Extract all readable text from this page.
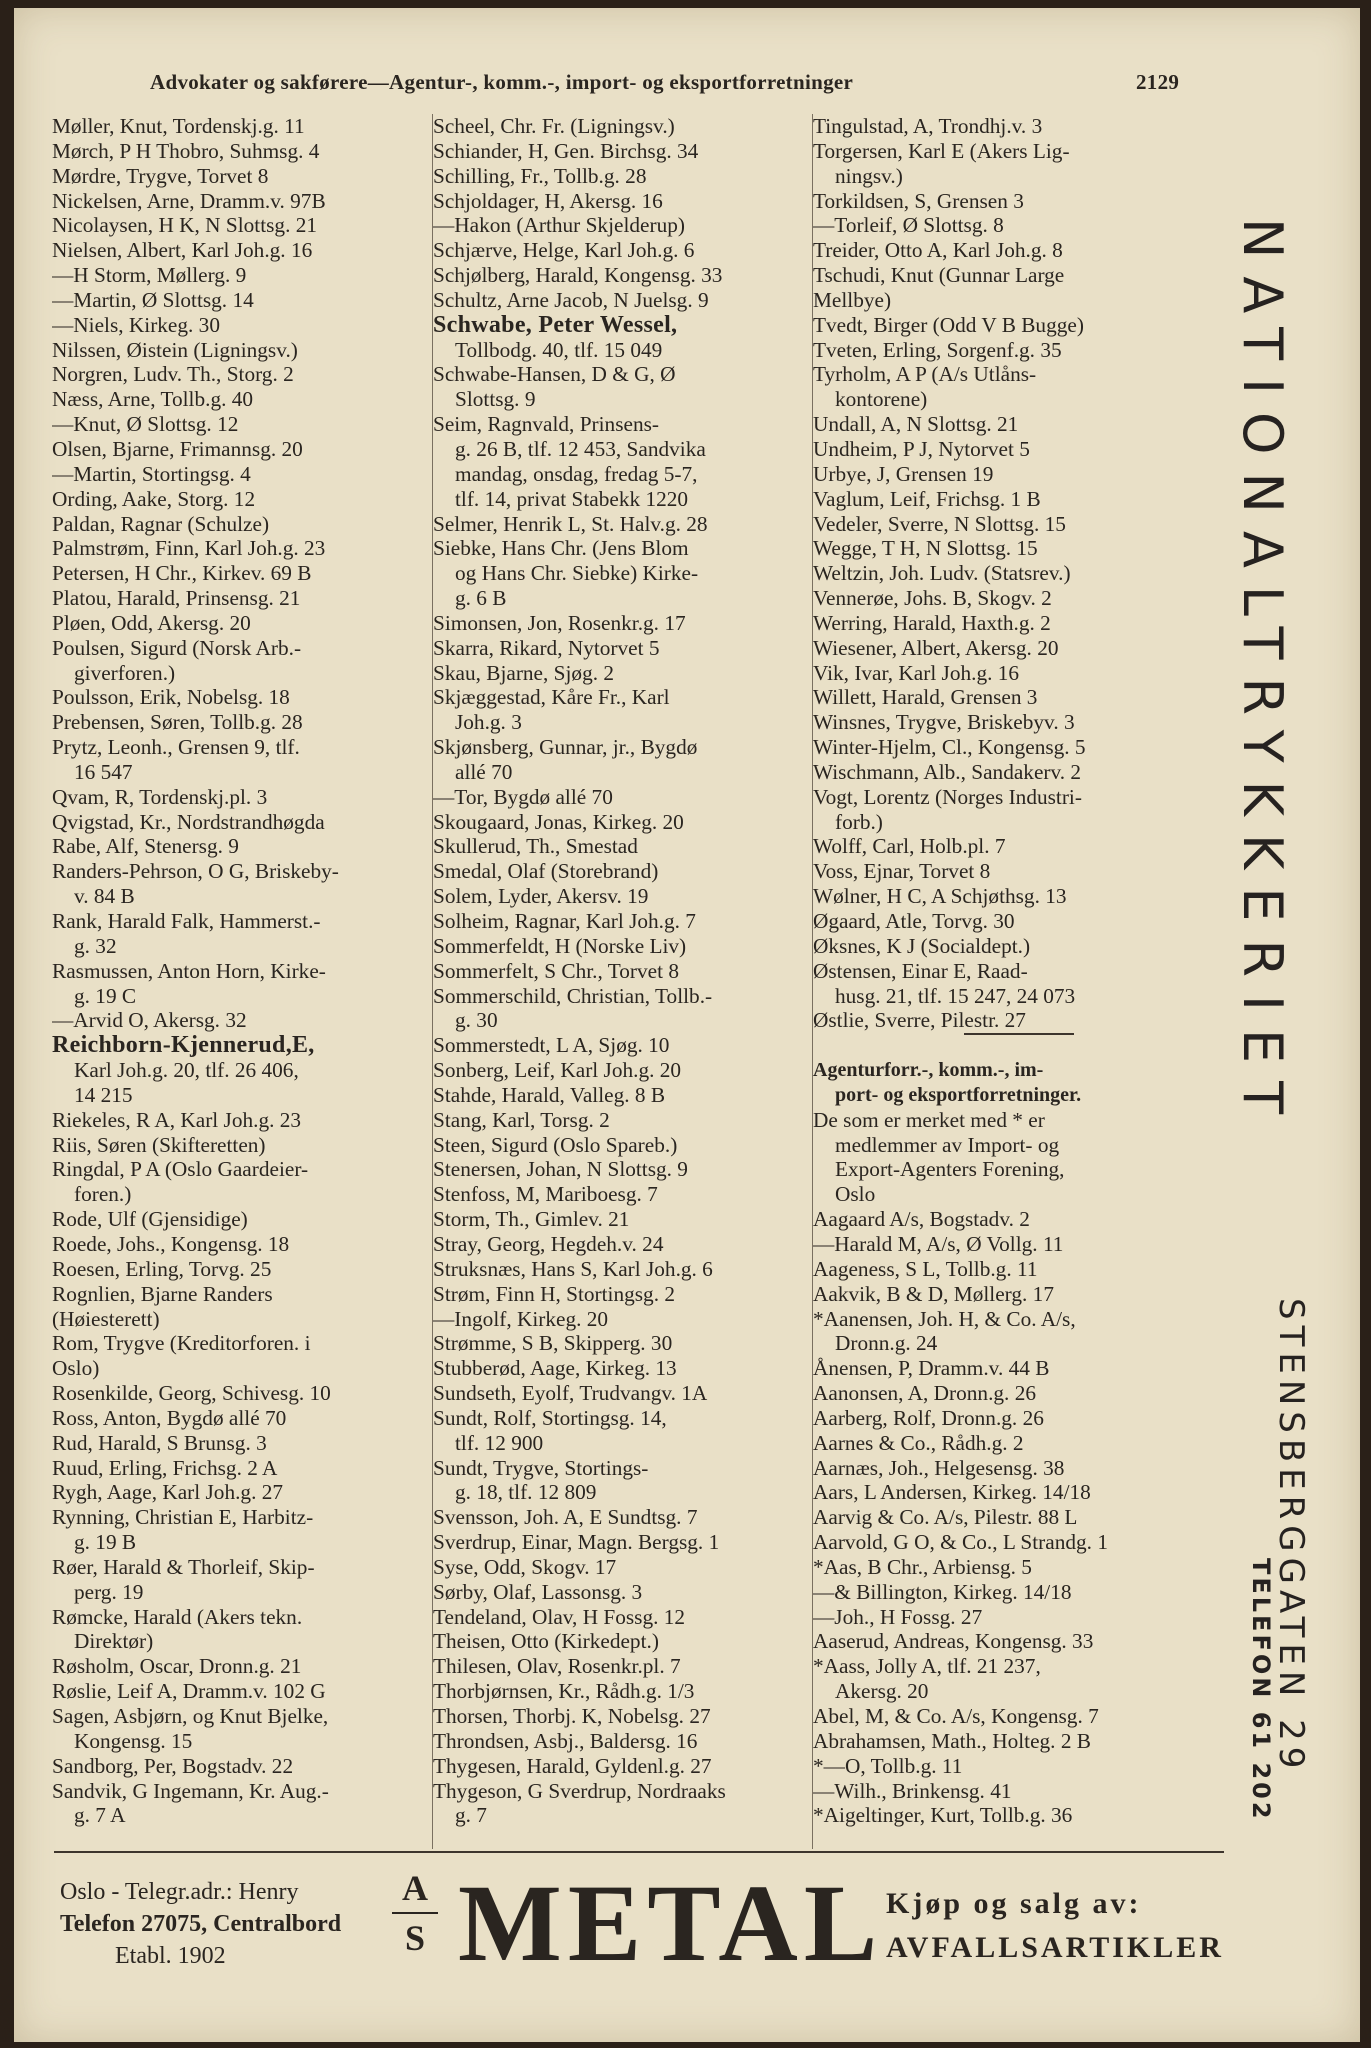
Advokater og sakførere—Agentur-, komm.-, import- og eksportforretninger	2129
Møller, Knut, Tordenskj.g. 11
Mørch, P H Thobro, Suhmsg. 4
Mørdre, Trygve, Torvet 8
Nickelsen, Arne, Dramm.v. 97B
Nicolaysen, H K, N Slottsg. 21
Nielsen, Albert, Karl Joh.g. 16
—H Storm, Møllerg. 9
—Martin, Ø Slottsg. 14
—Niels, Kirkeg. 30
Nilssen, Øistein (Ligningsv.)
Norgren, Ludv. Th., Storg. 2
Næss, Arne, Tollb.g. 40
—Knut, Ø Slottsg. 12
Olsen, Bjarne, Frimannsg. 20
—Martin, Stortingsg. 4
Ording, Aake, Storg. 12
Paldan, Ragnar (Schulze)
Palmstrøm, Finn, Karl Joh.g. 23
Petersen, H Chr., Kirkev. 69 B
Platou, Harald, Prinsensg. 21
Pløen, Odd, Akersg. 20
Poulsen, Sigurd (Norsk Arb.-
giverforen.)
Poulsson, Erik, Nobelsg. 18
Prebensen, Søren, Tollb.g. 28
Prytz, Leonh., Grensen 9, tlf.
16 547
Qvam, R, Tordenskj.pl. 3
Qvigstad, Kr., Nordstrandhøgda
Rabe, Alf, Stenersg. 9
Randers-Pehrson, O G, Briskeby-
v. 84 B
Rank, Harald Falk, Hammerst.-
g. 32
Rasmussen, Anton Horn, Kirke-
g. 19 C
—Arvid O, Akersg. 32
Reichborn-Kjennerud,E,
Karl Joh.g. 20, tlf. 26 406,
14 215
Riekeles, R A, Karl Joh.g. 23
Riis, Søren (Skifteretten)
Ringdal, P A (Oslo Gaardeier-
foren.)
Rode, Ulf (Gjensidige)
Roede, Johs., Kongensg. 18
Roesen, Erling, Torvg. 25
Rognlien, Bjarne Randers
(Høiesterett)
Rom, Trygve (Kreditorforen. i
Oslo)
Rosenkilde, Georg, Schivesg. 10
Ross, Anton, Bygdø allé 70
Rud, Harald, S Brunsg. 3
Ruud, Erling, Frichsg. 2 A
Rygh, Aage, Karl Joh.g. 27
Rynning, Christian E, Harbitz-
g. 19 B
Røer, Harald & Thorleif, Skip-
perg. 19
Rømcke, Harald (Akers tekn.
Direktør)
Røsholm, Oscar, Dronn.g. 21
Røslie, Leif A, Dramm.v. 102 G
Sagen, Asbjørn, og Knut Bjelke,
Kongensg. 15
Sandborg, Per, Bogstadv. 22
Sandvik, G Ingemann, Kr. Aug.-
g. 7 A
Scheel, Chr. Fr. (Ligningsv.)
Schiander, H, Gen. Birchsg. 34
Schilling, Fr., Tollb.g. 28
Schjoldager, H, Akersg. 16
—Hakon (Arthur Skjelderup)
Schjærve, Helge, Karl Joh.g. 6
Schjølberg, Harald, Kongensg. 33
Schultz, Arne Jacob, N Juelsg. 9
Schwabe, Peter Wessel,
Tollbodg. 40, tlf. 15 049
Schwabe-Hansen, D & G, Ø
Slottsg. 9
Seim, Ragnvald, Prinsens-
g. 26 B, tlf. 12 453, Sandvika
mandag, onsdag, fredag 5-7,
tlf. 14, privat Stabekk 1220
Selmer, Henrik L, St. Halv.g. 28
Siebke, Hans Chr. (Jens Blom
og Hans Chr. Siebke) Kirke-
g. 6 B
Simonsen, Jon, Rosenkr.g. 17
Skarra, Rikard, Nytorvet 5
Skau, Bjarne, Sjøg. 2
Skjæggestad, Kåre Fr., Karl
Joh.g. 3
Skjønsberg, Gunnar, jr., Bygdø
allé 70
—Tor, Bygdø allé 70
Skougaard, Jonas, Kirkeg. 20
Skullerud, Th., Smestad
Smedal, Olaf (Storebrand)
Solem, Lyder, Akersv. 19
Solheim, Ragnar, Karl Joh.g. 7
Sommerfeldt, H (Norske Liv)
Sommerfelt, S Chr., Torvet 8
Sommerschild, Christian, Tollb.-
g. 30
Sommerstedt, L A, Sjøg. 10
Sonberg, Leif, Karl Joh.g. 20
Stahde, Harald, Valleg. 8 B
Stang, Karl, Torsg. 2
Steen, Sigurd (Oslo Spareb.)
Stenersen, Johan, N Slottsg. 9
Stenfoss, M, Mariboesg. 7
Storm, Th., Gimlev. 21
Stray, Georg, Hegdeh.v. 24
Struksnæs, Hans S, Karl Joh.g. 6
Strøm, Finn H, Stortingsg. 2
—Ingolf, Kirkeg. 20
Strømme, S B, Skipperg. 30
Stubberød, Aage, Kirkeg. 13
Sundseth, Eyolf, Trudvangv. 1A
Sundt, Rolf, Stortingsg. 14,
tlf. 12 900
Sundt, Trygve, Stortings-
g. 18, tlf. 12 809
Svensson, Joh. A, E Sundtsg. 7
Sverdrup, Einar, Magn. Bergsg. 1
Syse, Odd, Skogv. 17
Sørby, Olaf, Lassonsg. 3
Tendeland, Olav, H Fossg. 12
Theisen, Otto (Kirkedept.)
Thilesen, Olav, Rosenkr.pl. 7
Thorbjørnsen, Kr., Rådh.g. 1/3
Thorsen, Thorbj. K, Nobelsg. 27
Throndsen, Asbj., Baldersg. 16
Thygesen, Harald, Gyldenl.g. 27
Thygeson, G Sverdrup, Nordraaks
g. 7
Tingulstad, A, Trondhj.v. 3
Torgersen, Karl E (Akers Lig-
ningsv.)
Torkildsen, S, Grensen 3
—Torleif, Ø Slottsg. 8
Treider, Otto A, Karl Joh.g. 8
Tschudi, Knut (Gunnar Large
Mellbye)
Tvedt, Birger (Odd V B Bugge)
Tveten, Erling, Sorgenf.g. 35
Tyrholm, A P (A/s Utlåns-
kontorene)
Undall, A, N Slottsg. 21
Undheim, P J, Nytorvet 5
Urbye, J, Grensen 19
Vaglum, Leif, Frichsg. 1 B
Vedeler, Sverre, N Slottsg. 15
Wegge, T H, N Slottsg. 15
Weltzin, Joh. Ludv. (Statsrev.)
Vennerøe, Johs. B, Skogv. 2
Werring, Harald, Haxth.g. 2
Wiesener, Albert, Akersg. 20
Vik, Ivar, Karl Joh.g. 16
Willett, Harald, Grensen 3
Winsnes, Trygve, Briskebyv. 3
Winter-Hjelm, Cl., Kongensg. 5
Wischmann, Alb., Sandakerv. 2
Vogt, Lorentz (Norges Industri-
forb.)
Wolff, Carl, Holb.pl. 7
Voss, Ejnar, Torvet 8
Wølner, H C, A Schjøthsg. 13
Øgaard, Atle, Torvg. 30
Øksnes, K J (Socialdept.)
Østensen, Einar E, Raad-
husg. 21, tlf. 15 247, 24 073
Østlie, Sverre, Pilestr. 27
Agenturforr.-, komm.-, im-
port- og eksportforretninger.
De som er merket med * er
medlemmer av Import- og
Export-Agenters Forening,
Oslo
Aagaard A/s, Bogstadv. 2
—Harald M, A/s, Ø Vollg. 11
Aageness, S L, Tollb.g. 11
Aakvik, B & D, Møllerg. 17
*Aanensen, Joh. H, & Co. A/s,
Dronn.g. 24
Ånensen, P, Dramm.v. 44 B
Aanonsen, A, Dronn.g. 26
Aarberg, Rolf, Dronn.g. 26
Aarnes & Co., Rådh.g. 2
Aarnæs, Joh., Helgesensg. 38
Aars, L Andersen, Kirkeg. 14/18
Aarvig & Co. A/s, Pilestr. 88 L
Aarvold, G O, & Co., L Strandg. 1
*Aas, B Chr., Arbiensg. 5
—& Billington, Kirkeg. 14/18
—Joh., H Fossg. 27
Aaserud, Andreas, Kongensg. 33
*Aass, Jolly A, tlf. 21 237,
Akersg. 20
Abel, M, & Co. A/s, Kongensg. 7
Abrahamsen, Math., Holteg. 2 B
*—O, Tollb.g. 11
—Wilh., Brinkensg. 41
*Aigeltinger, Kurt, Tollb.g. 36
NATIONALTRYKKERIET
STENSBERGGATEN 29
TELEFON 61 202
Oslo - Telegr.adr.: Henry
Telefon 27075, Centralbord
Etabl. 1902
A
S METAL Kjøp og salg av:
AVFALLSARTIKLER
